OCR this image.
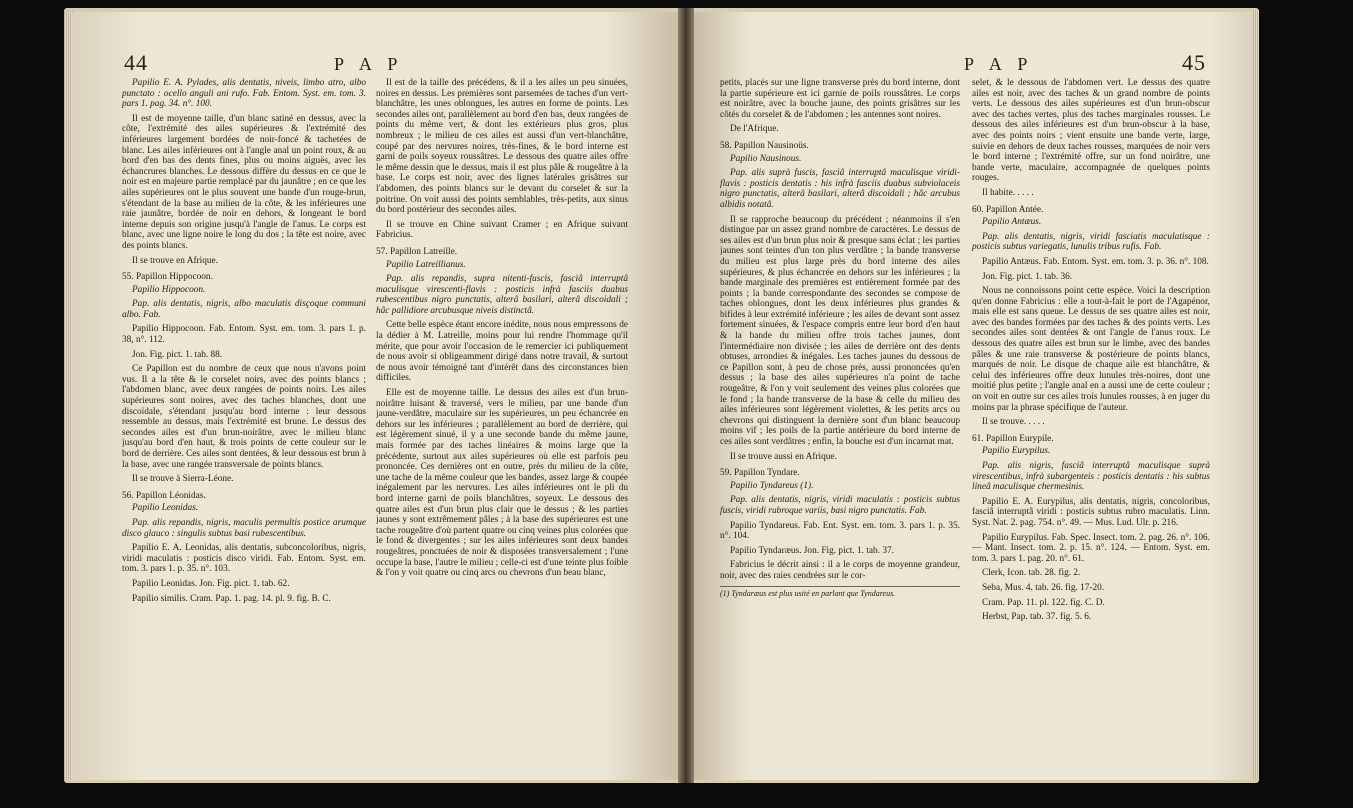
44	P A P

Papilio E. A. Pylades, alis dentatis, niveis, limbo atro, albo punctato : ocello anguli ani rufo. Fab. Entom. Syst. em. tom. 3. pars 1. pag. 34. n°. 100.

Il est de moyenne taille, d'un blanc satiné en dessus, avec la côte, l'extrémité des ailes supérieures & l'extrémité des inférieures largement bordées de noir-foncé & tachetées de blanc. Les ailes inférieures ont à l'angle anal un point roux, & au bord d'en bas des dents fines, plus ou moins aiguës, avec les échancrures blanches. Le dessous diffère du dessus en ce que le noir est en majeure partie remplacé par du jaunâtre ; en ce que les ailes supérieures ont le plus souvent une bande d'un rouge-brun, s'étendant de la base au milieu de la côte, & les inférieures une raie jaunâtre, bordée de noir en dehors, & longeant le bord interne depuis son origine jusqu'à l'angle de l'anus. Le corps est blanc, avec une ligne noire le long du dos ; la tête est noire, avec des points blancs.

Il se trouve en Afrique.

55. Papillon Hippocoon.

Papilio Hippocoon.

Pap. alis dentatis, nigris, albo maculatis disçoque communi albo. Fab.

Papilio Hippocoon. Fab. Entom. Syst. em. tom. 3. pars 1. p. 38, n°. 112.

Jon. Fig. pict. 1. tab. 88.

Ce Papillon est du nombre de ceux que nous n'avons point vus. Il a la tête & le corselet noirs, avec des points blancs ; l'abdomen blanc, avec deux rangées de points noirs. Les ailes supérieures sont noires, avec des taches blanches, dont une discoïdale, s'étendant jusqu'au bord interne : leur dessous ressemble au dessus, mais l'extrémité est brune. Le dessus des secondes ailes est d'un brun-noirâtre, avec le milieu blanc jusqu'au bord d'en haut, & trois points de cette couleur sur le bord de derrière. Ces ailes sont dentées, & leur dessous est brun à la base, avec une rangée transversale de points blancs.

Il se trouve à Sierra-Léone.

56. Papillon Léonidas.

Papilio Leonidas.

Pap. alis repandis, nigris, maculis permultis postice arumque disco glauco : singulis subtus basi rubescentibus.

Papilio E. A. Leonidas, alis dentatis, subconcoloribus, nigris, viridi maculatis : posticis disco viridi. Fab. Entom. Syst. em. tom. 3. pars 1. p. 35. n°. 103.

Papilio Leonidas. Jon. Fig. pict. 1. tab. 62.

Papilio similis. Cram. Pap. 1. pag. 14. pl. 9. fig. B. C.

Il est de la taille des précédens, & il a les ailes un peu sinuées, noires en dessus. Les premières sont parsemées de taches d'un vert-blanchâtre, les unes oblongues, les autres en forme de points. Les secondes ailes ont, parallèlement au bord d'en bas, deux rangées de points du même vert, & dont les extérieurs plus gros, plus nombreux ; le milieu de ces ailes est aussi d'un vert-blanchâtre, coupé par des nervures noires, très-fines, & le bord interne est garni de poils soyeux roussâtres. Le dessous des quatre ailes offre le même dessin que le dessus, mais il est plus pâle & rougeâtre à la base. Le corps est noir, avec des lignes latérales grisâtres sur l'abdomen, des points blancs sur le devant du corselet & sur la poitrine. On voit aussi des points semblables, très-petits, aux sinus du bord postérieur des secondes ailes.

Il se trouve en Chine suivant Cramer ; en Afrique suivant Fabricius.

57. Papillon Latreille.

Papilio Latreillianus.

Pap. alis repandis, supra nitenti-fuscis, fasciâ interruptâ maculisque virescenti-flavis : posticis infrà fasciis duabus rubescentibus nigro punctatis, alterâ basilari, alterâ discoidali ; hâc pallidiore arcubusque niveis distinctâ.

Cette belle espèce étant encore inédite, nous nous empressons de la dédier à M. Latreille, moins pour lui rendre l'hommage qu'il mérite, que pour avoir l'occasion de le remercier ici publiquement de nous avoir si obligeamment dirigé dans notre travail, & surtout de nous avoir témoigné tant d'intérêt dans des circonstances bien difficiles.

Elle est de moyenne taille. Le dessus des ailes est d'un brun-noirâtre luisant & traversé, vers le milieu, par une bande d'un jaune-verdâtre, maculaire sur les supérieures, un peu échancrée en dehors sur les inférieures ; parallèlement au bord de derrière, qui est légèrement sinué, il y a une seconde bande du même jaune, mais formée par des taches linéaires & moins large que la précédente, surtout aux ailes supérieures où elle est parfois peu prononcée. Ces dernières ont en outre, près du milieu de la côte, une tache de la même couleur que les bandes, assez large & coupée inégalement par les nervures. Les ailes inférieures ont le pli du bord interne garni de poils blanchâtres, soyeux. Le dessous des quatre ailes est d'un brun plus clair que le dessus ; & les parties jaunes y sont extrêmement pâles ; à la base des supérieures est une tache rougeâtre d'où partent quatre ou cinq veines plus colorées que le fond & divergentes ; sur les ailes inférieures sont deux bandes rougeâtres, ponctuées de noir & disposées transversalement ; l'une occupe la base, l'autre le milieu ; celle-ci est d'une teinte plus foible & l'on y voit quatre ou cinq arcs ou chevrons d'un beau blanc,

45
P A P

petits, placés sur une ligne transverse près du bord interne, dont la partie supérieure est ici garnie de poils roussâtres. Le corps est noirâtre, avec la bouche jaune, des points grisâtres sur les côtés du corselet & de l'abdomen ; les antennes sont noires.

De l'Afrique.

58. Papillon Nausinoüs.

Papilio Nausinous.

Pap. alis suprà fuscis, fasciâ interruptâ maculisque viridi-flavis : posticis dentatis : his infrà fasciis duabus subviolaceis nigro punctatis, alterâ basilari, alterâ discoidali ; hâc arcubus albidis notatâ.

Il se rapproche beaucoup du précédent ; néanmoins il s'en distingue par un assez grand nombre de caractères. Le dessus de ses ailes est d'un brun plus noir & presque sans éclat ; les parties jaunes sont teintes d'un ton plus verdâtre ; la bande transverse du milieu est plus large près du bord interne des ailes supérieures, & plus échancrée en dehors sur les inférieures ; la bande marginale des premières est entièrement formée par des points ; la bande correspondante des secondes se compose de taches oblongues, dont les deux inférieures plus grandes & bifides à leur extrémité inférieure ; les ailes de devant sont assez fortement sinuées, & l'espace compris entre leur bord d'en haut & la bande du milieu offre trois taches jaunes, dont l'intermédiaire non divisée ; les ailes de derrière ont des dents obtuses, arrondies & inégales. Les taches jaunes du dessous de ce Papillon sont, à peu de chose près, aussi prononcées qu'en dessus ; la base des ailes supérieures n'a point de tache rougeâtre, & l'on y voit seulement des veines plus colorées que le fond ; la bande transverse de la base & celle du milieu des ailes inférieures sont légèrement violettes, & les petits arcs ou chevrons qui distinguent la dernière sont d'un blanc beaucoup moins vif ; les poils de la partie antérieure du bord interne de ces ailes sont verdâtres ; enfin, la bouche est d'un incarnat mat.

Il se trouve aussi en Afrique.

59. Papillon Tyndare.

Papilio Tyndareus (1).

Pap. alis dentatis, nigris, viridi maculatis : posticis subtus fuscis, viridi rubroque variis, basi nigro punctatis. Fab.

Papilio Tyndareus. Fab. Ent. Syst. em. tom. 3. pars 1. p. 35. n°. 104.

Papilio Tyndaræus. Jon. Fig. pict. 1. tab. 37.

Fabricius le décrit ainsi : il a le corps de moyenne grandeur, noir, avec des raies cendrées sur le cor-

(1) Tyndaræus est plus usité en parlant que Tyndareus.

selet, & le dessous de l'abdomen vert. Le dessus des quatre ailes est noir, avec des taches & un grand nombre de points verts. Le dessous des ailes supérieures est d'un brun-obscur avec des taches vertes, plus des taches marginales rousses. Le dessous des ailes inférieures est d'un brun-obscur à la base, avec des points noirs ; vient ensuite une bande verte, large, suivie en dehors de deux taches rousses, marquées de noir vers le bord interne ; l'extrémité offre, sur un fond noirâtre, une bande verte, maculaire, accompagnée de quelques points rouges.

Il habite. . . . .

60. Papillon Antée.

Papilio Antæus.

Pap. alis dentatis, nigris, viridi fasciatis maculatisque : posticis subtus variegatis, lunulis tribus rufis. Fab.

Papilio Antæus. Fab. Entom. Syst. em. tom. 3. p. 36. n°. 108.

Jon. Fig. pict. 1. tab. 36.

Nous ne connoissons point cette espèce. Voici la description qu'en donne Fabricius : elle a tout-à-fait le port de l'Agapénor, mais elle est sans queue. Le dessus de ses quatre ailes est noir, avec des bandes formées par des taches & des points verts. Les secondes ailes sont dentées & ont l'angle de l'anus roux. Le dessous des quatre ailes est brun sur le limbe, avec des bandes pâles & une raie transverse & postérieure de points blancs, marqués de noir. Le disque de chaque aile est blanchâtre, & celui des inférieures offre deux lunules très-noires, dont une moitié plus petite ; l'angle anal en a aussi une de cette couleur ; on voit en outre sur ces ailes trois lunules rousses, à en juger du moins par la phrase spécifique de l'auteur.

Il se trouve. . . . .

61. Papillon Eurypile.

Papilio Eurypilus.

Pap. alis nigris, fasciâ interruptâ maculisque suprà virescentibus, infrà subargenteis : posticis dentatis : his subtus lineâ maculisque chermesinis.

Papilio E. A. Eurypilus, alis dentatis, nigris, concoloribus, fasciâ interruptâ viridi : posticis subtus rubro maculatis. Linn. Syst. Nat. 2. pag. 754. n°. 49. — Mus. Lud. Ulr. p. 216.

Papilio Eurypilus. Fab. Spec. Insect. tom. 2. pag. 26. n°. 106. — Mant. Insect. tom. 2. p. 15. n°. 124. — Entom. Syst. em. tom. 3. pars 1. pag. 20. n°. 61.

Clerk, Icon. tab. 28. fig. 2.

Seba, Mus. 4. tab. 26. fig. 17-20.

Cram. Pap. 11. pl. 122. fig. C. D.

Herbst, Pap. tab. 37. fig. 5. 6.
